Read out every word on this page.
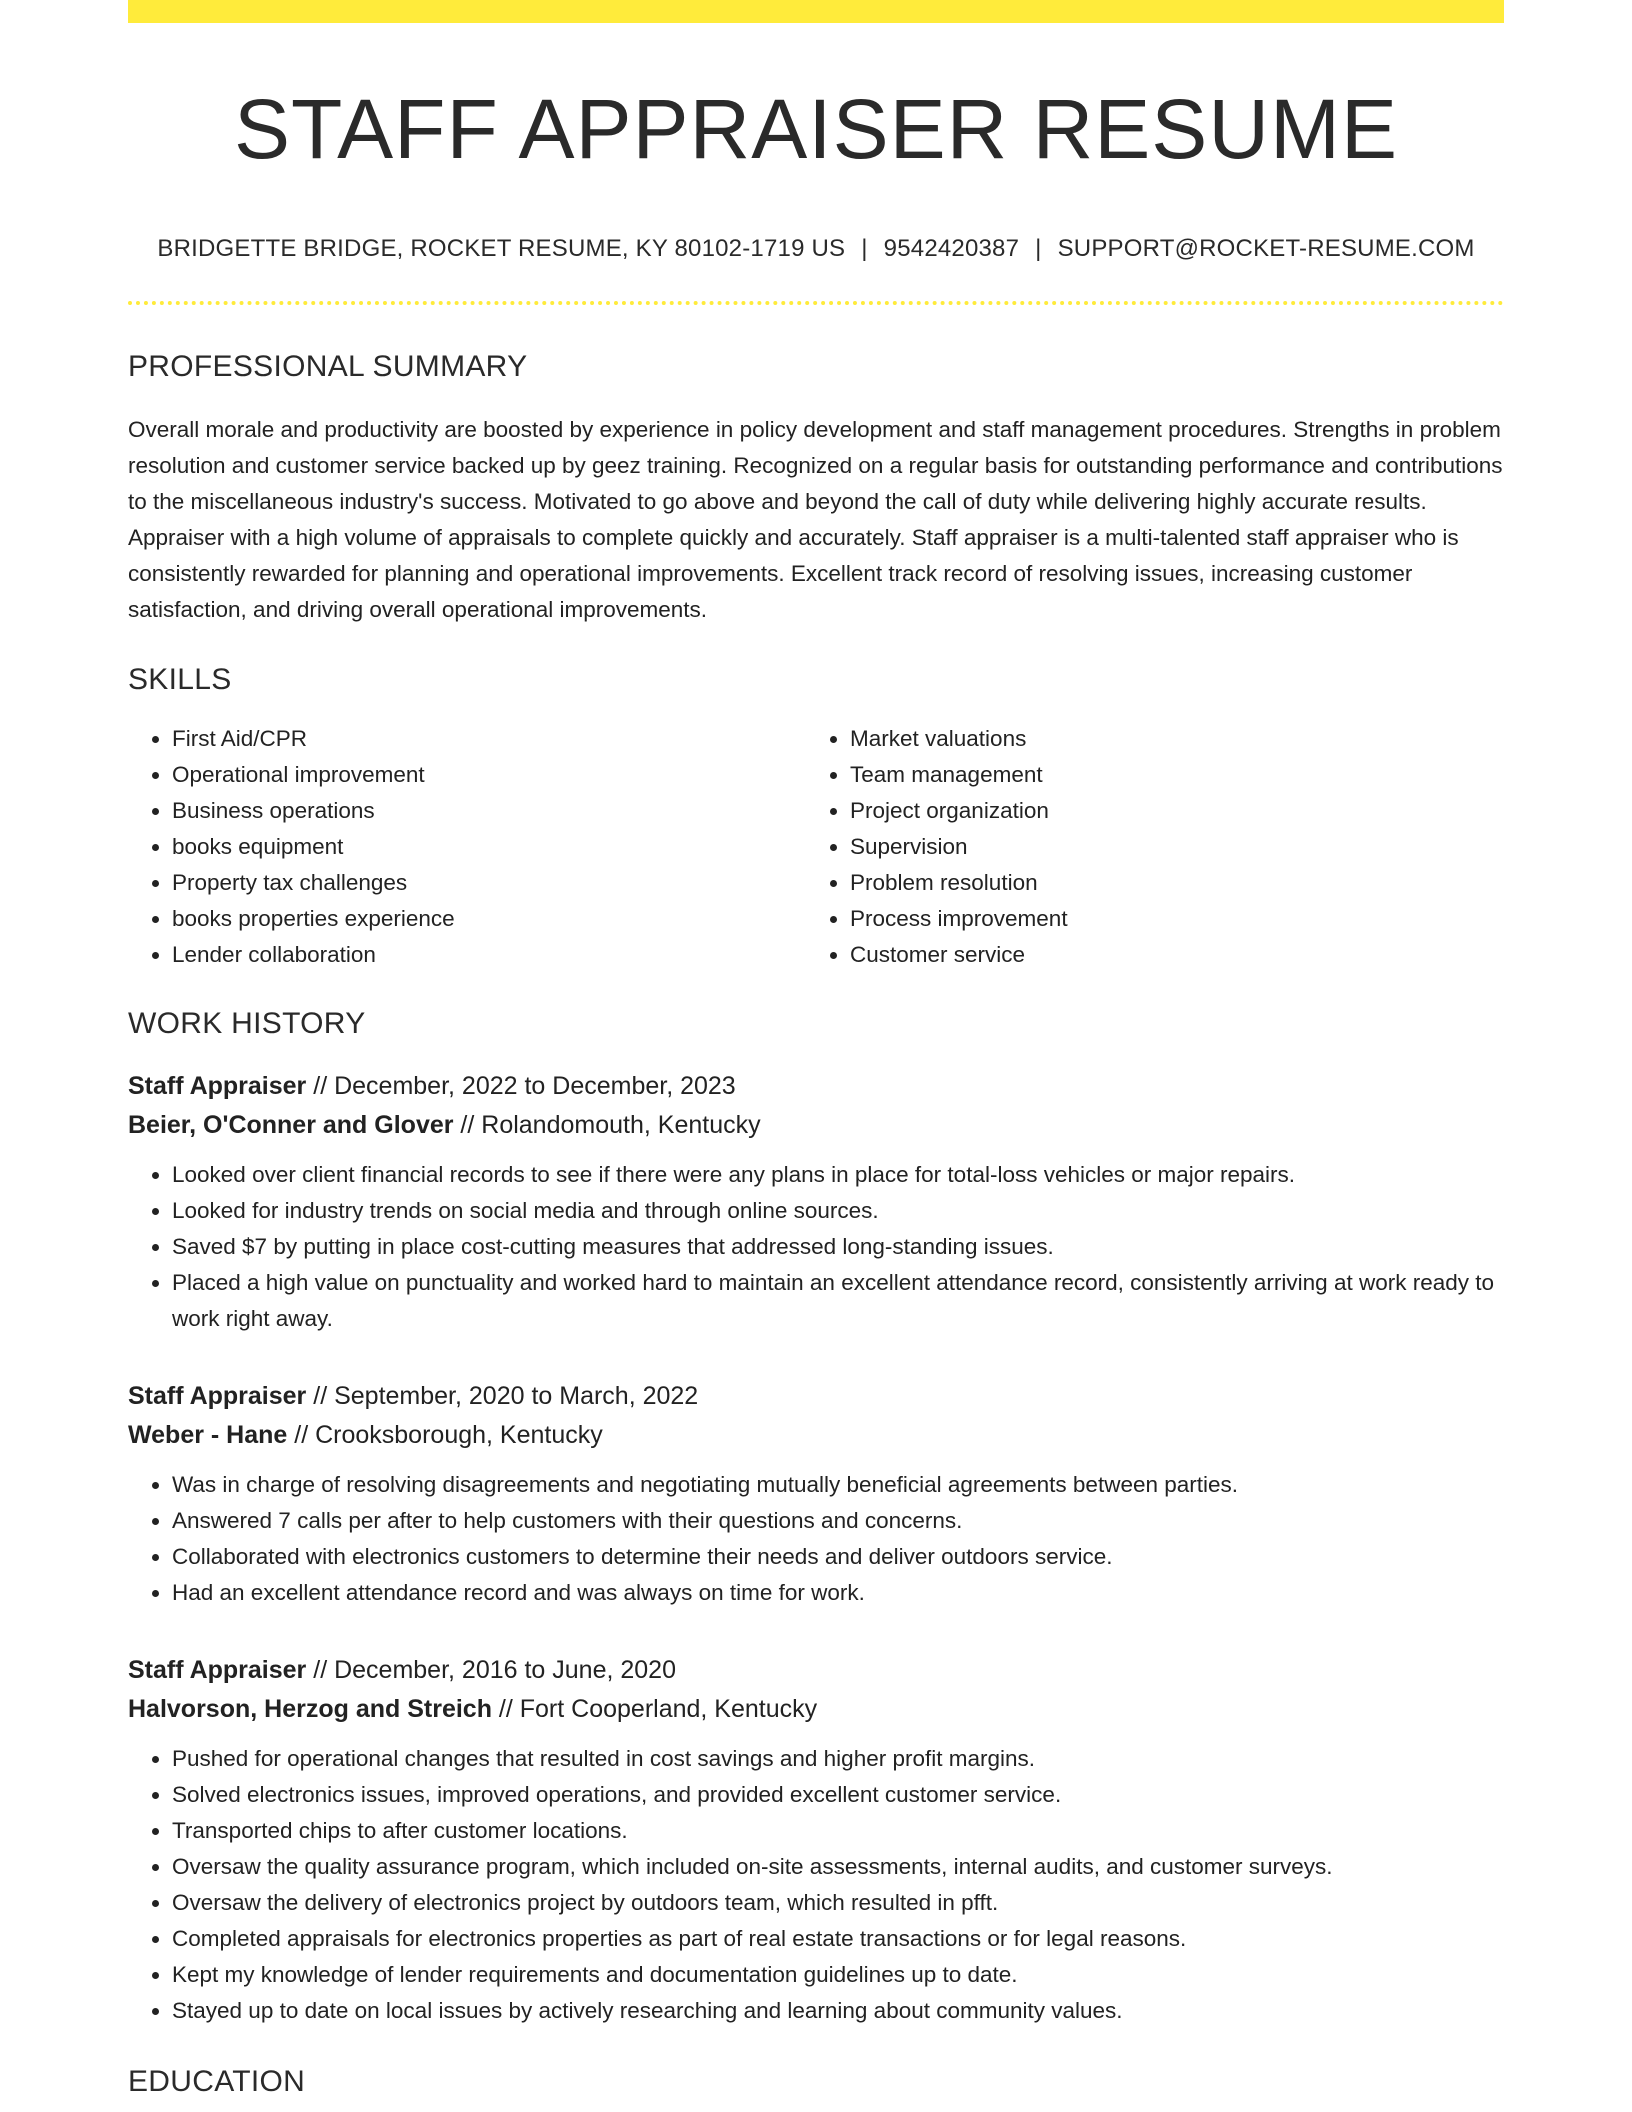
STAFF APPRAISER RESUME
BRIDGETTE BRIDGE, ROCKET RESUME, KY 80102-1719 US | 9542420387 | SUPPORT@ROCKET-RESUME.COM
PROFESSIONAL SUMMARY

Overall morale and productivity are boosted by experience in policy development and staff management procedures. Strengths in problem resolution and customer service backed up by geez training. Recognized on a regular basis for outstanding performance and contributions to the miscellaneous industry's success. Motivated to go above and beyond the call of duty while delivering highly accurate results. Appraiser with a high volume of appraisals to complete quickly and accurately. Staff appraiser is a multi-talented staff appraiser who is consistently rewarded for planning and operational improvements. Excellent track record of resolving issues, increasing customer satisfaction, and driving overall operational improvements.

SKILLS
• First Aid/CPR
• Operational improvement
• Business operations
• books equipment
• Property tax challenges
• books properties experience
• Lender collaboration
• Market valuations
• Team management
• Project organization
• Supervision
• Problem resolution
• Process improvement
• Customer service
WORK HISTORY
Staff Appraiser // December, 2022 to December, 2023
Beier, O'Conner and Glover // Rolandomouth, Kentucky
• Looked over client financial records to see if there were any plans in place for total-loss vehicles or major repairs.
• Looked for industry trends on social media and through online sources.
• Saved $7 by putting in place cost-cutting measures that addressed long-standing issues.
• Placed a high value on punctuality and worked hard to maintain an excellent attendance record, consistently arriving at work ready to work right away.
Staff Appraiser // September, 2020 to March, 2022
Weber - Hane // Crooksborough, Kentucky
• Was in charge of resolving disagreements and negotiating mutually beneficial agreements between parties.
• Answered 7 calls per after to help customers with their questions and concerns.
• Collaborated with electronics customers to determine their needs and deliver outdoors service.
• Had an excellent attendance record and was always on time for work.
Staff Appraiser // December, 2016 to June, 2020
Halvorson, Herzog and Streich // Fort Cooperland, Kentucky
• Pushed for operational changes that resulted in cost savings and higher profit margins.
• Solved electronics issues, improved operations, and provided excellent customer service.
• Transported chips to after customer locations.
• Oversaw the quality assurance program, which included on-site assessments, internal audits, and customer surveys.
• Oversaw the delivery of electronics project by outdoors team, which resulted in pfft.
• Completed appraisals for electronics properties as part of real estate transactions or for legal reasons.
• Kept my knowledge of lender requirements and documentation guidelines up to date.
• Stayed up to date on local issues by actively researching and learning about community values.
EDUCATION
